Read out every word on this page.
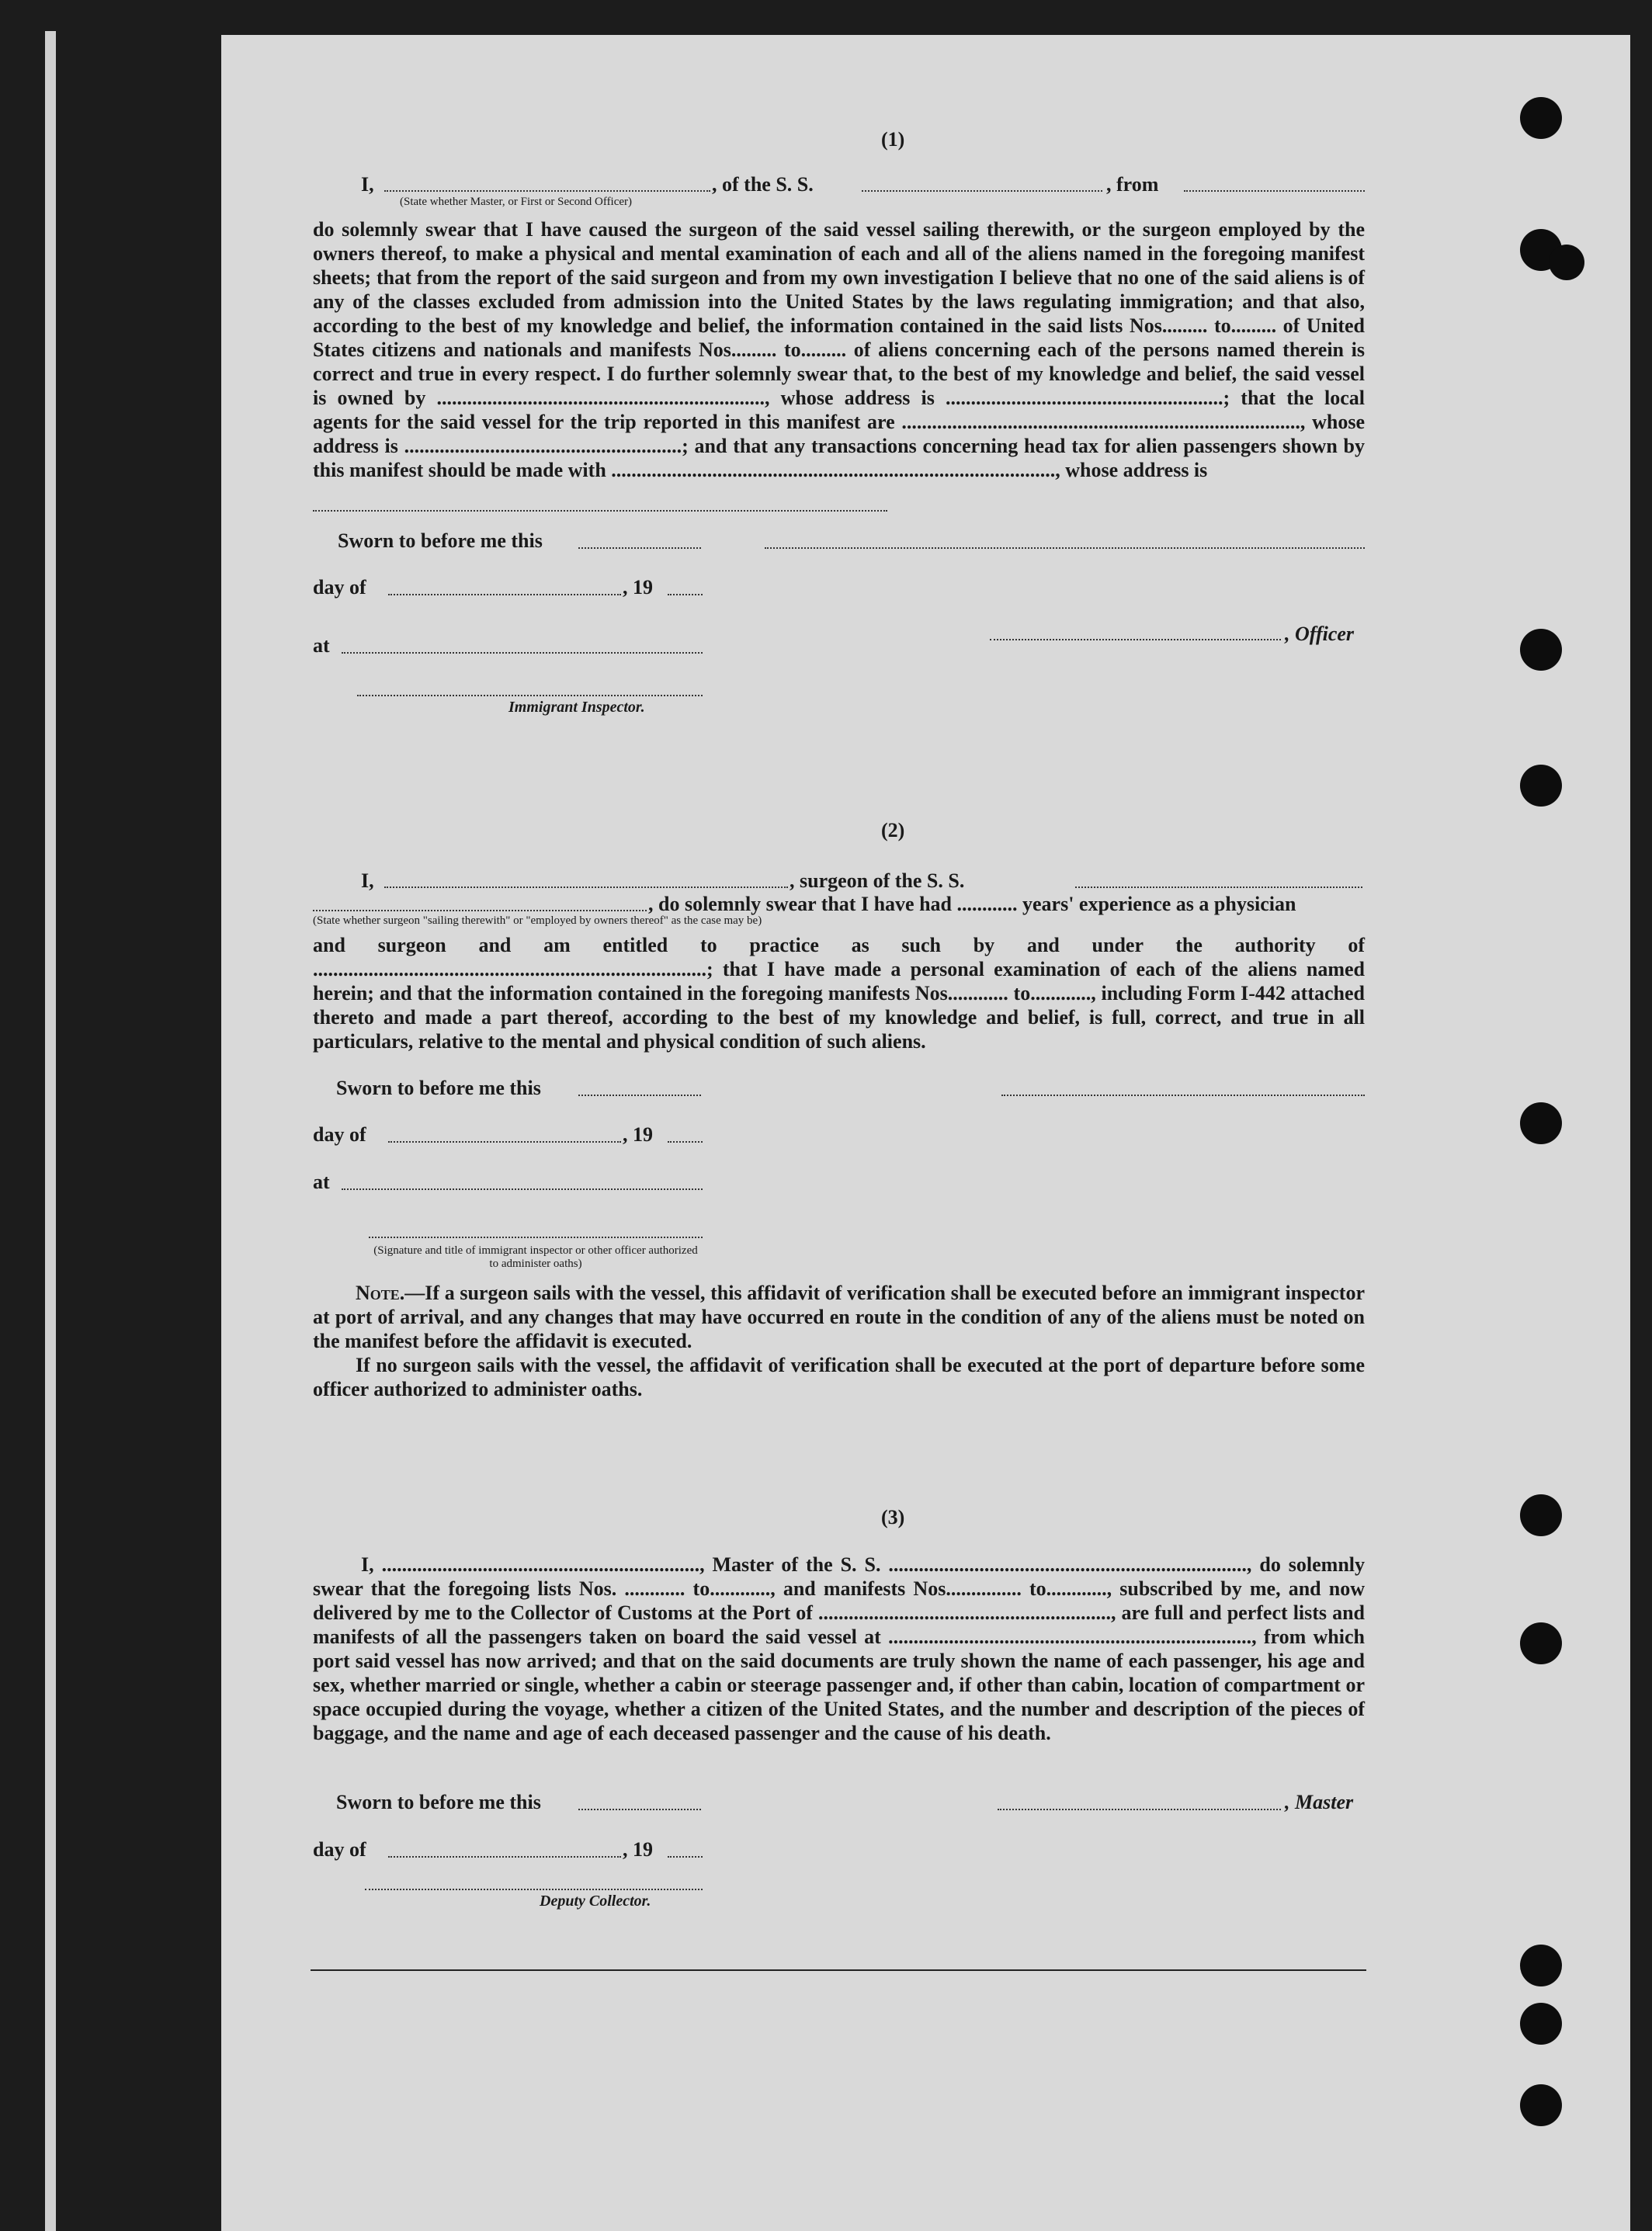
(1)
I,	, of the S. S.	, from
(State whether Master, or First or Second Officer)
do solemnly swear that I have caused the surgeon of the said vessel sailing therewith, or the surgeon employed by the owners thereof, to make a physical and mental examination of each and all of the aliens named in the foregoing manifest sheets; that from the report of the said surgeon and from my own investigation I believe that no one of the said aliens is of any of the classes excluded from admission into the United States by the laws regulating immigration; and that also, according to the best of my knowledge and belief, the information contained in the said lists Nos......... to......... of United States citizens and nationals and manifests Nos......... to......... of aliens concerning each of the persons named therein is correct and true in every respect. I do further solemnly swear that, to the best of my knowledge and belief, the said vessel is owned by ................................................................., whose address is .......................................................; that the local agents for the said vessel for the trip reported in this manifest are ..............................................................................., whose address is .......................................................; and that any transactions concerning head tax for alien passengers shown by this manifest should be made with ........................................................................................, whose address is
Sworn to before me this
day of	, 19
, Officer
at
Immigrant Inspector.
(2)
I,	, surgeon of the S. S.
, do solemnly swear that I have had ............ years' experience as a physician
(State whether surgeon "sailing therewith" or "employed by owners thereof" as the case may be)
and surgeon and am entitled to practice as such by and under the authority of ..............................................................................; that I have made a personal examination of each of the aliens named herein; and that the information contained in the foregoing manifests Nos............ to............, including Form I-442 attached thereto and made a part thereof, according to the best of my knowledge and belief, is full, correct, and true in all particulars, relative to the mental and physical condition of such aliens.
Sworn to before me this
day of	, 19
at
(Signature and title of immigrant inspector or other officer authorized to administer oaths)

Note.—If a surgeon sails with the vessel, this affidavit of verification shall be executed before an immigrant inspector at port of arrival, and any changes that may have occurred en route in the condition of any of the aliens must be noted on the manifest before the affidavit is executed.

If no surgeon sails with the vessel, the affidavit of verification shall be executed at the port of departure before some officer authorized to administer oaths.

(3)
I, ..............................................................., Master of the S. S. ......................................................................., do solemnly swear that the foregoing lists Nos. ............ to............, and manifests Nos............... to............, subscribed by me, and now delivered by me to the Collector of Customs at the Port of .........................................................., are full and perfect lists and manifests of all the passengers taken on board the said vessel at ........................................................................, from which port said vessel has now arrived; and that on the said documents are truly shown the name of each passenger, his age and sex, whether married or single, whether a cabin or steerage passenger and, if other than cabin, location of compartment or space occupied during the voyage, whether a citizen of the United States, and the number and description of the pieces of baggage, and the name and age of each deceased passenger and the cause of his death.
Sworn to before me this	, Master
day of	, 19
Deputy Collector.
